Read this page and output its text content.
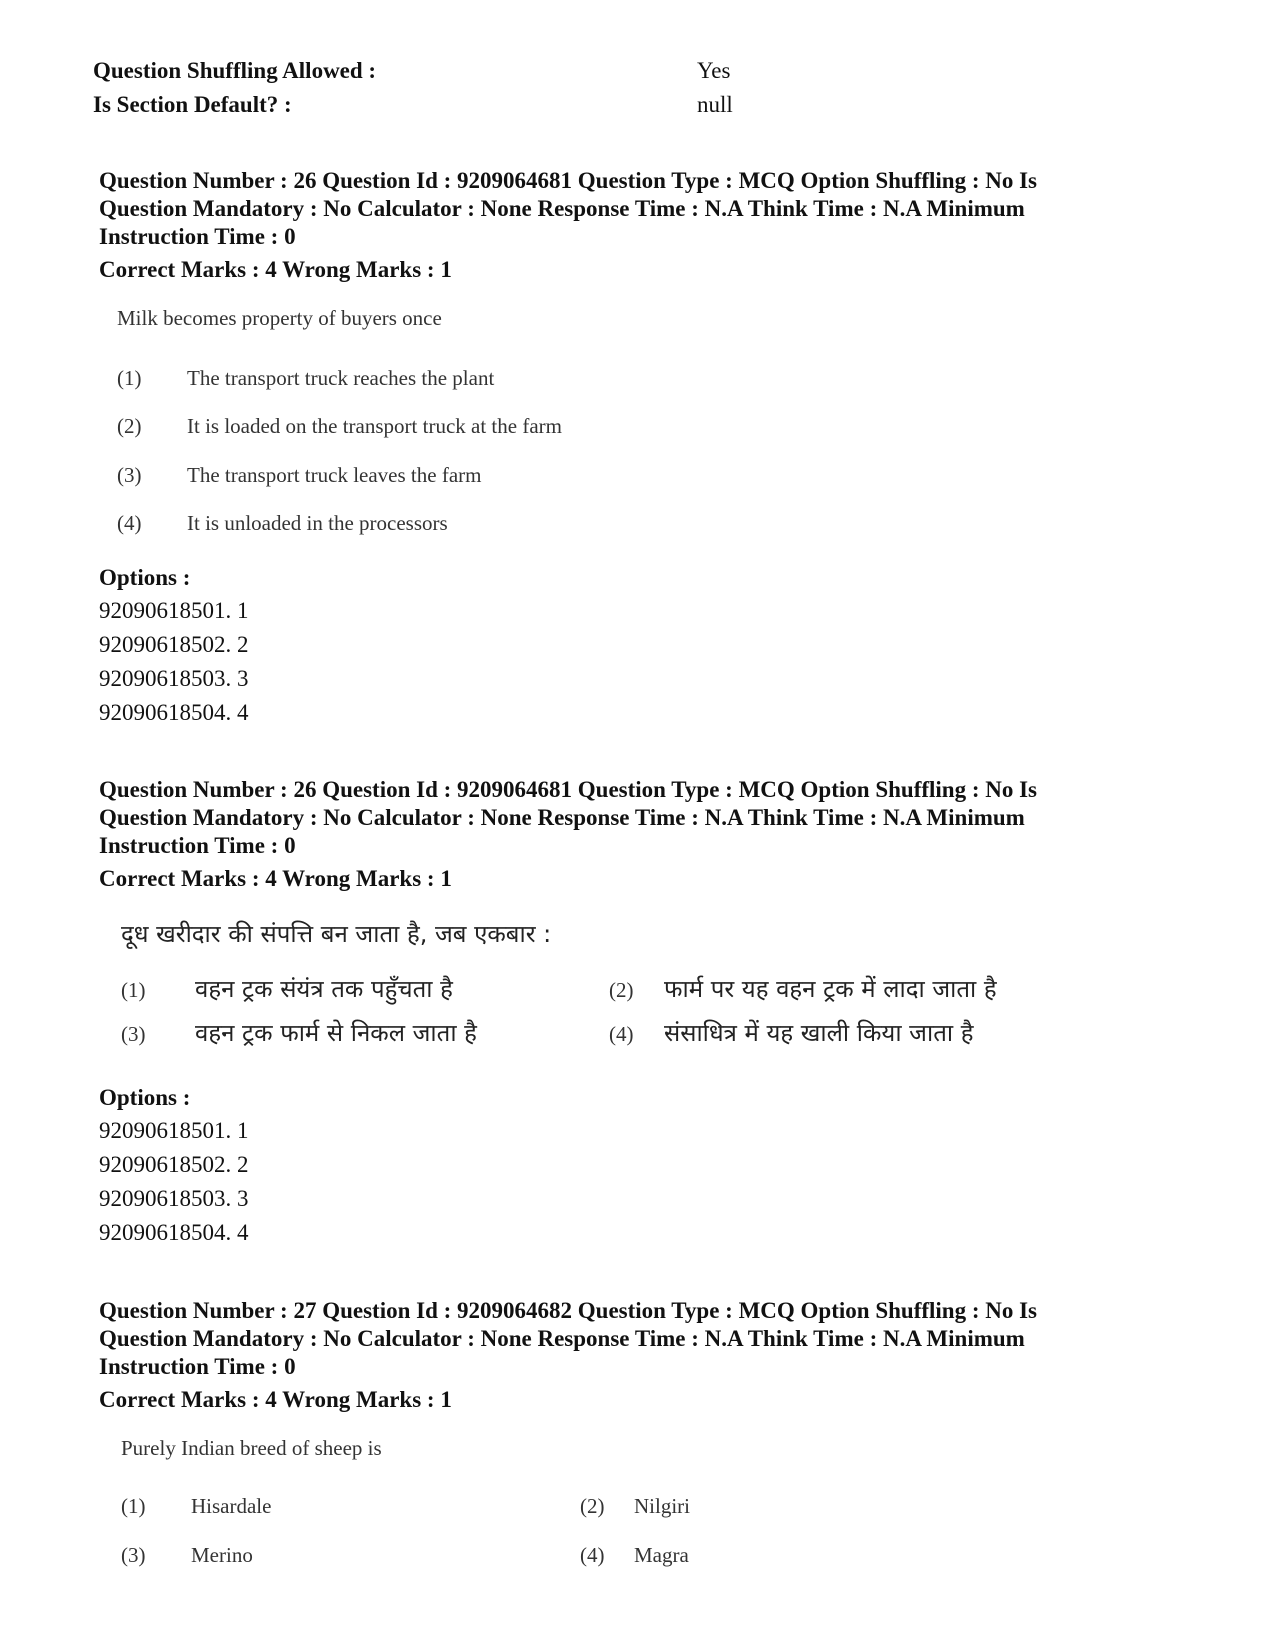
Question Shuffling Allowed :	Yes
Is Section Default? :	null
Question Number : 26 Question Id : 9209064681 Question Type : MCQ Option Shuffling : No Is
Question Mandatory : No Calculator : None Response Time : N.A Think Time : N.A Minimum
Instruction Time : 0
Correct Marks : 4 Wrong Marks : 1
Milk becomes property of buyers once
(1) The transport truck reaches the plant
(2) It is loaded on the transport truck at the farm
(3) The transport truck leaves the farm
(4) It is unloaded in the processors
Options :
92090618501. 1
92090618502. 2
92090618503. 3
92090618504. 4
Question Number : 26 Question Id : 9209064681 Question Type : MCQ Option Shuffling : No Is
Question Mandatory : No Calculator : None Response Time : N.A Think Time : N.A Minimum
Instruction Time : 0
Correct Marks : 4 Wrong Marks : 1
दूध खरीदार की संपत्ति बन जाता है, जब एकबार :
(1) वहन ट्रक संयंत्र तक पहुँचता है	(2) फार्म पर यह वहन ट्रक में लादा जाता है
(3) वहन ट्रक फार्म से निकल जाता है	(4) संसाधित्र में यह खाली किया जाता है
Options :
92090618501. 1
92090618502. 2
92090618503. 3
92090618504. 4
Question Number : 27 Question Id : 9209064682 Question Type : MCQ Option Shuffling : No Is
Question Mandatory : No Calculator : None Response Time : N.A Think Time : N.A Minimum
Instruction Time : 0
Correct Marks : 4 Wrong Marks : 1
Purely Indian breed of sheep is
(1) Hisardale	(2) Nilgiri
(3) Merino	(4) Magra
